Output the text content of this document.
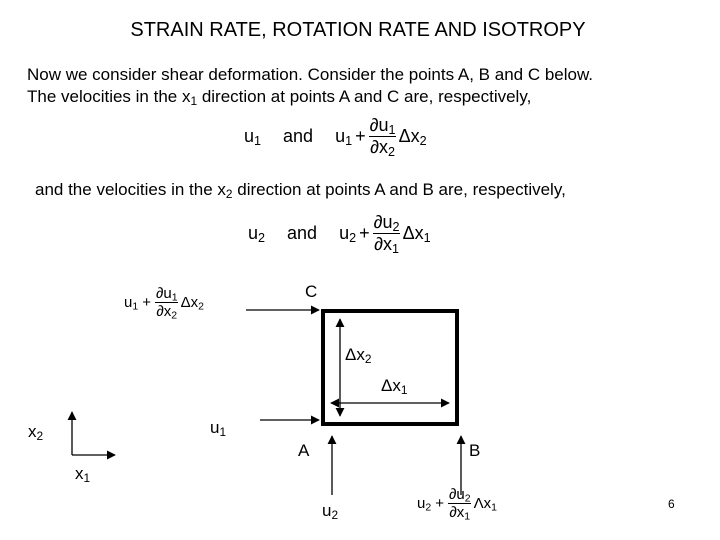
STRAIN RATE, ROTATION RATE AND ISOTROPY
Now we consider shear deformation. Consider the points A, B and C below.
The velocities in the $x_1$ direction at points A and C are, respectively,
$u_1$ and $u_1 + \frac{\partial u_1}{\partial x_2} \Delta x_2$
and the velocities in the $x_2$ direction at points A and B are, respectively,
$u_2$ and $u_2 + \frac{\partial u_2}{\partial x_1} \Delta x_1$
C
A	B
$\Delta x_2$
$\Delta x_1$
$x_2$
$x_1$
$u_1$
$u_2$
$u_1 + \frac{\partial u_1}{\partial x_2} \Delta x_2$
$u_2 + \frac{\partial u_2}{\partial x_1} \Lambda x_1$	6
